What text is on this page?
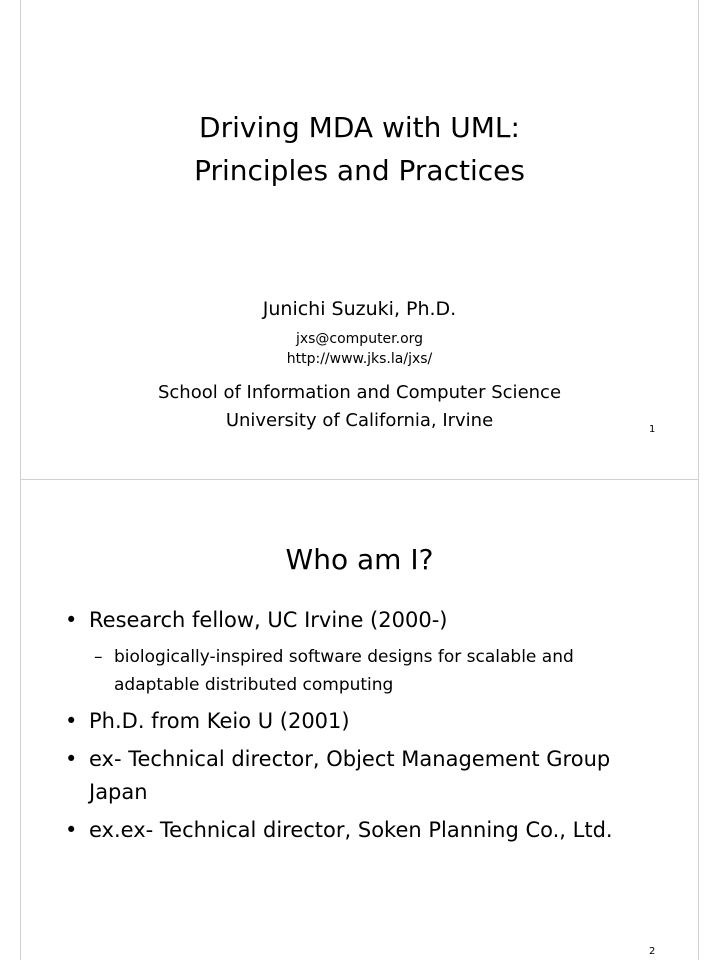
Driving MDA with UML:
Principles and Practices
Junichi Suzuki, Ph.D.
jxs@computer.org
http://www.jks.la/jxs/
School of Information and Computer Science
University of California, Irvine	1
Who am I?
• Research fellow, UC Irvine (2000-)
– biologically-inspired software designs for scalable and
adaptable distributed computing
• Ph.D. from Keio U (2001)
• ex- Technical director, Object Management Group
Japan
• ex.ex- Technical director, Soken Planning Co., Ltd.
2
